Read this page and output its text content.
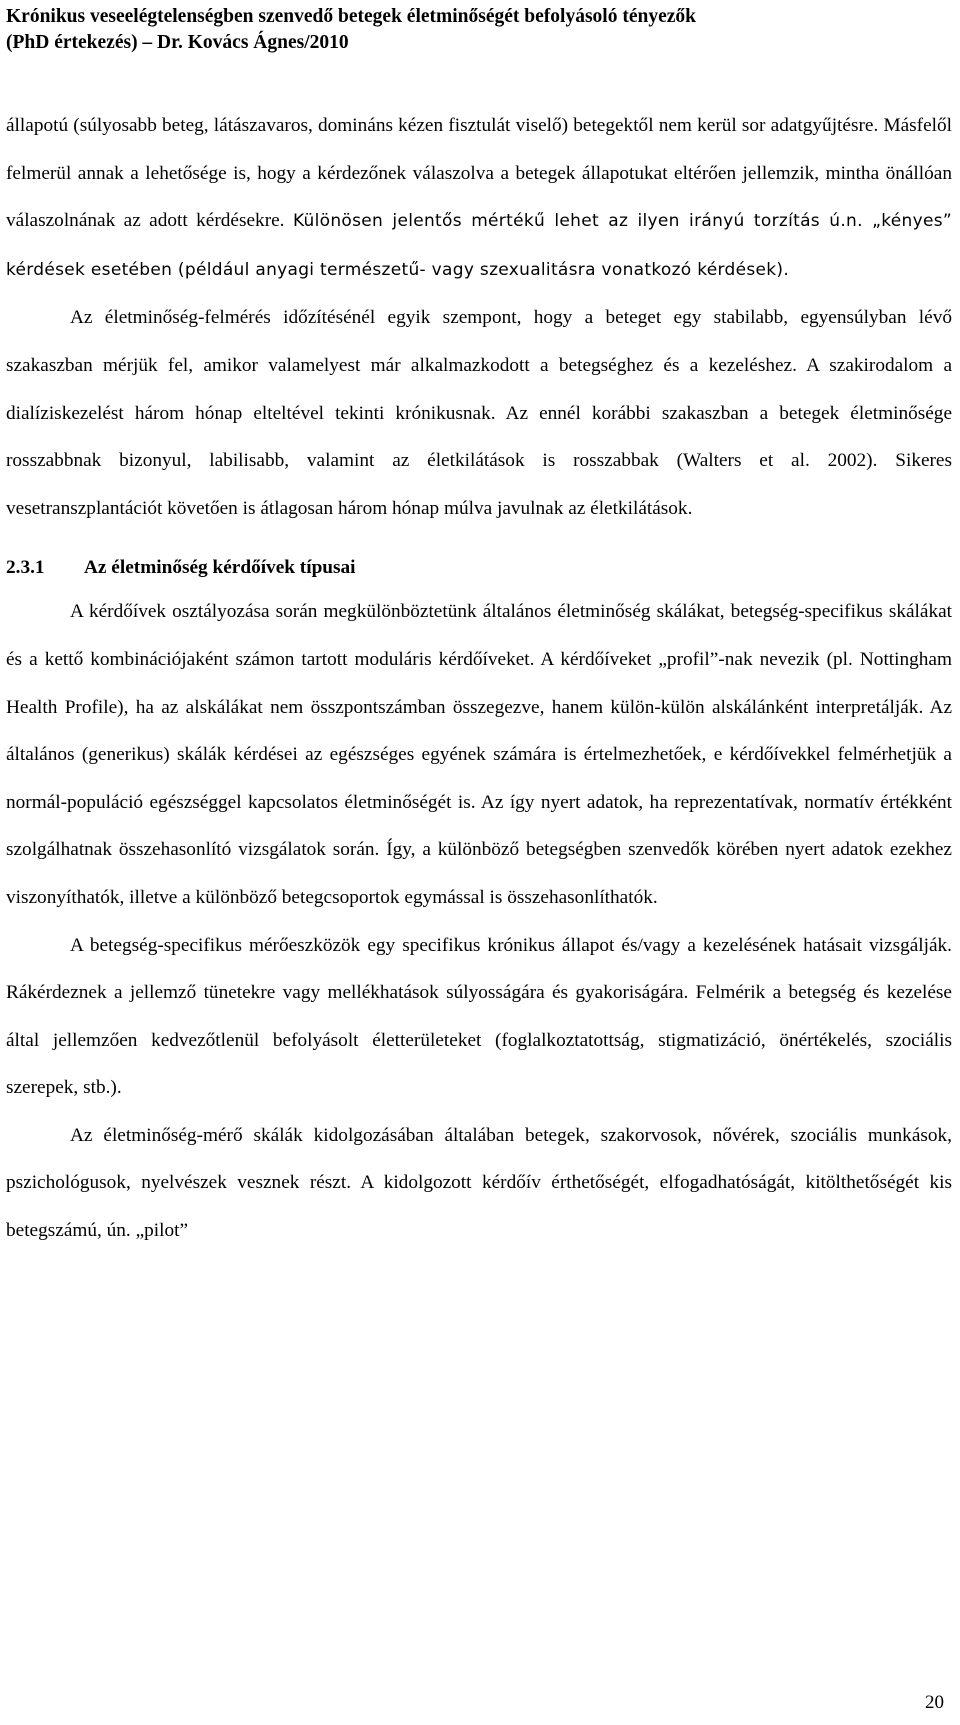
Krónikus veseelégtelenségben szenvedő betegek életminőségét befolyásoló tényezők
(PhD értekezés) – Dr. Kovács Ágnes/2010

állapotú (súlyosabb beteg, látászavaros, domináns kézen fisztulát viselő) betegektől nem kerül sor adatgyűjtésre. Másfelől felmerül annak a lehetősége is, hogy a kérdezőnek válaszolva a betegek állapotukat eltérően jellemzik, mintha önállóan válaszolnának az adott kérdésekre. Különösen jelentős mértékű lehet az ilyen irányú torzítás ú.n. „kényes” kérdések esetében (például anyagi természetű- vagy szexualitásra vonatkozó kérdések).

Az életminőség-felmérés időzítésénél egyik szempont, hogy a beteget egy stabilabb, egyensúlyban lévő szakaszban mérjük fel, amikor valamelyest már alkalmazkodott a betegséghez és a kezeléshez. A szakirodalom a dialíziskezelést három hónap elteltével tekinti krónikusnak. Az ennél korábbi szakaszban a betegek életminősége rosszabbnak bizonyul, labilisabb, valamint az életkilátások is rosszabbak (Walters et al. 2002). Sikeres vesetranszplantációt követően is átlagosan három hónap múlva javulnak az életkilátások.

2.3.1 Az életminőség kérdőívek típusai

A kérdőívek osztályozása során megkülönböztetünk általános életminőség skálákat, betegség-specifikus skálákat és a kettő kombinációjaként számon tartott moduláris kérdőíveket. A kérdőíveket „profil”-nak nevezik (pl. Nottingham Health Profile), ha az alskálákat nem összpontszámban összegezve, hanem külön-külön alskálánként interpretálják. Az általános (generikus) skálák kérdései az egészséges egyének számára is értelmezhetőek, e kérdőívekkel felmérhetjük a normál-populáció egészséggel kapcsolatos életminőségét is. Az így nyert adatok, ha reprezentatívak, normatív értékként szolgálhatnak összehasonlító vizsgálatok során. Így, a különböző betegségben szenvedők körében nyert adatok ezekhez viszonyíthatók, illetve a különböző betegcsoportok egymással is összehasonlíthatók.

A betegség-specifikus mérőeszközök egy specifikus krónikus állapot és/vagy a kezelésének hatásait vizsgálják. Rákérdeznek a jellemző tünetekre vagy mellékhatások súlyosságára és gyakoriságára. Felmérik a betegség és kezelése által jellemzően kedvezőtlenül befolyásolt életterületeket (foglalkoztatottság, stigmatizáció, önértékelés, szociális szerepek, stb.).

Az életminőség-mérő skálák kidolgozásában általában betegek, szakorvosok, nővérek, szociális munkások, pszichológusok, nyelvészek vesznek részt. A kidolgozott kérdőív érthetőségét, elfogadhatóságát, kitölthetőségét kis betegszámú, ún. „pilot”

20
